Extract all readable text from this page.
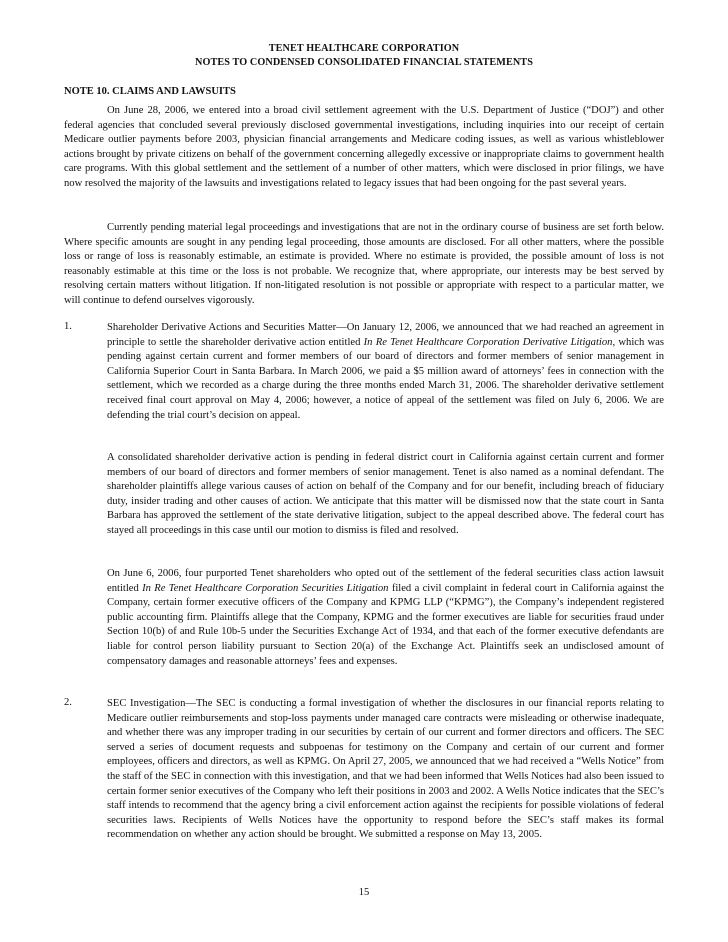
TENET HEALTHCARE CORPORATION
NOTES TO CONDENSED CONSOLIDATED FINANCIAL STATEMENTS
NOTE 10. CLAIMS AND LAWSUITS

On June 28, 2006, we entered into a broad civil settlement agreement with the U.S. Department of Justice (“DOJ”) and other federal agencies that concluded several previously disclosed governmental investigations, including inquiries into our receipt of certain Medicare outlier payments before 2003, physician financial arrangements and Medicare coding issues, as well as various whistleblower actions brought by private citizens on behalf of the government concerning allegedly excessive or inappropriate claims to government health care programs. With this global settlement and the settlement of a number of other matters, which were disclosed in prior filings, we have now resolved the majority of the lawsuits and investigations related to legacy issues that had been ongoing for the past several years.

Currently pending material legal proceedings and investigations that are not in the ordinary course of business are set forth below. Where specific amounts are sought in any pending legal proceeding, those amounts are disclosed. For all other matters, where the possible loss or range of loss is reasonably estimable, an estimate is provided. Where no estimate is provided, the possible amount of loss is not reasonably estimable at this time or the loss is not probable. We recognize that, where appropriate, our interests may be best served by resolving certain matters without litigation. If non-litigated resolution is not possible or appropriate with respect to a particular matter, we will continue to defend ourselves vigorously.

1.	Shareholder Derivative Actions and Securities Matter—On January 12, 2006, we announced that we had reached an agreement in principle to settle the shareholder derivative action entitled In Re Tenet Healthcare Corporation Derivative Litigation, which was pending against certain current and former members of our board of directors and former members of senior management in California Superior Court in Santa Barbara. In March 2006, we paid a $5 million award of attorneys’ fees in connection with the settlement, which we recorded as a charge during the three months ended March 31, 2006. The shareholder derivative settlement received final court approval on May 4, 2006; however, a notice of appeal of the settlement was filed on July 6, 2006. We are defending the trial court’s decision on appeal.

A consolidated shareholder derivative action is pending in federal district court in California against certain current and former members of our board of directors and former members of senior management. Tenet is also named as a nominal defendant. The shareholder plaintiffs allege various causes of action on behalf of the Company and for our benefit, including breach of fiduciary duty, insider trading and other causes of action. We anticipate that this matter will be dismissed now that the state court in Santa Barbara has approved the settlement of the state derivative litigation, subject to the appeal described above. The federal court has stayed all proceedings in this case until our motion to dismiss is filed and resolved.

On June 6, 2006, four purported Tenet shareholders who opted out of the settlement of the federal securities class action lawsuit entitled In Re Tenet Healthcare Corporation Securities Litigation filed a civil complaint in federal court in California against the Company, certain former executive officers of the Company and KPMG LLP (“KPMG”), the Company’s independent registered public accounting firm. Plaintiffs allege that the Company, KPMG and the former executives are liable for securities fraud under Section 10(b) of and Rule 10b-5 under the Securities Exchange Act of 1934, and that each of the former executive defendants are liable for control person liability pursuant to Section 20(a) of the Exchange Act. Plaintiffs seek an undisclosed amount of compensatory damages and reasonable attorneys’ fees and expenses.

2.	SEC Investigation—The SEC is conducting a formal investigation of whether the disclosures in our financial reports relating to Medicare outlier reimbursements and stop-loss payments under managed care contracts were misleading or otherwise inadequate, and whether there was any improper trading in our securities by certain of our current and former directors and officers. The SEC served a series of document requests and subpoenas for testimony on the Company and certain of our current and former employees, officers and directors, as well as KPMG. On April 27, 2005, we announced that we had received a “Wells Notice” from the staff of the SEC in connection with this investigation, and that we had been informed that Wells Notices had also been issued to certain former senior executives of the Company who left their positions in 2003 and 2002. A Wells Notice indicates that the SEC’s staff intends to recommend that the agency bring a civil enforcement action against the recipients for possible violations of federal securities laws. Recipients of Wells Notices have the opportunity to respond before the SEC’s staff makes its formal recommendation on whether any action should be brought. We submitted a response on May 13, 2005.

15
